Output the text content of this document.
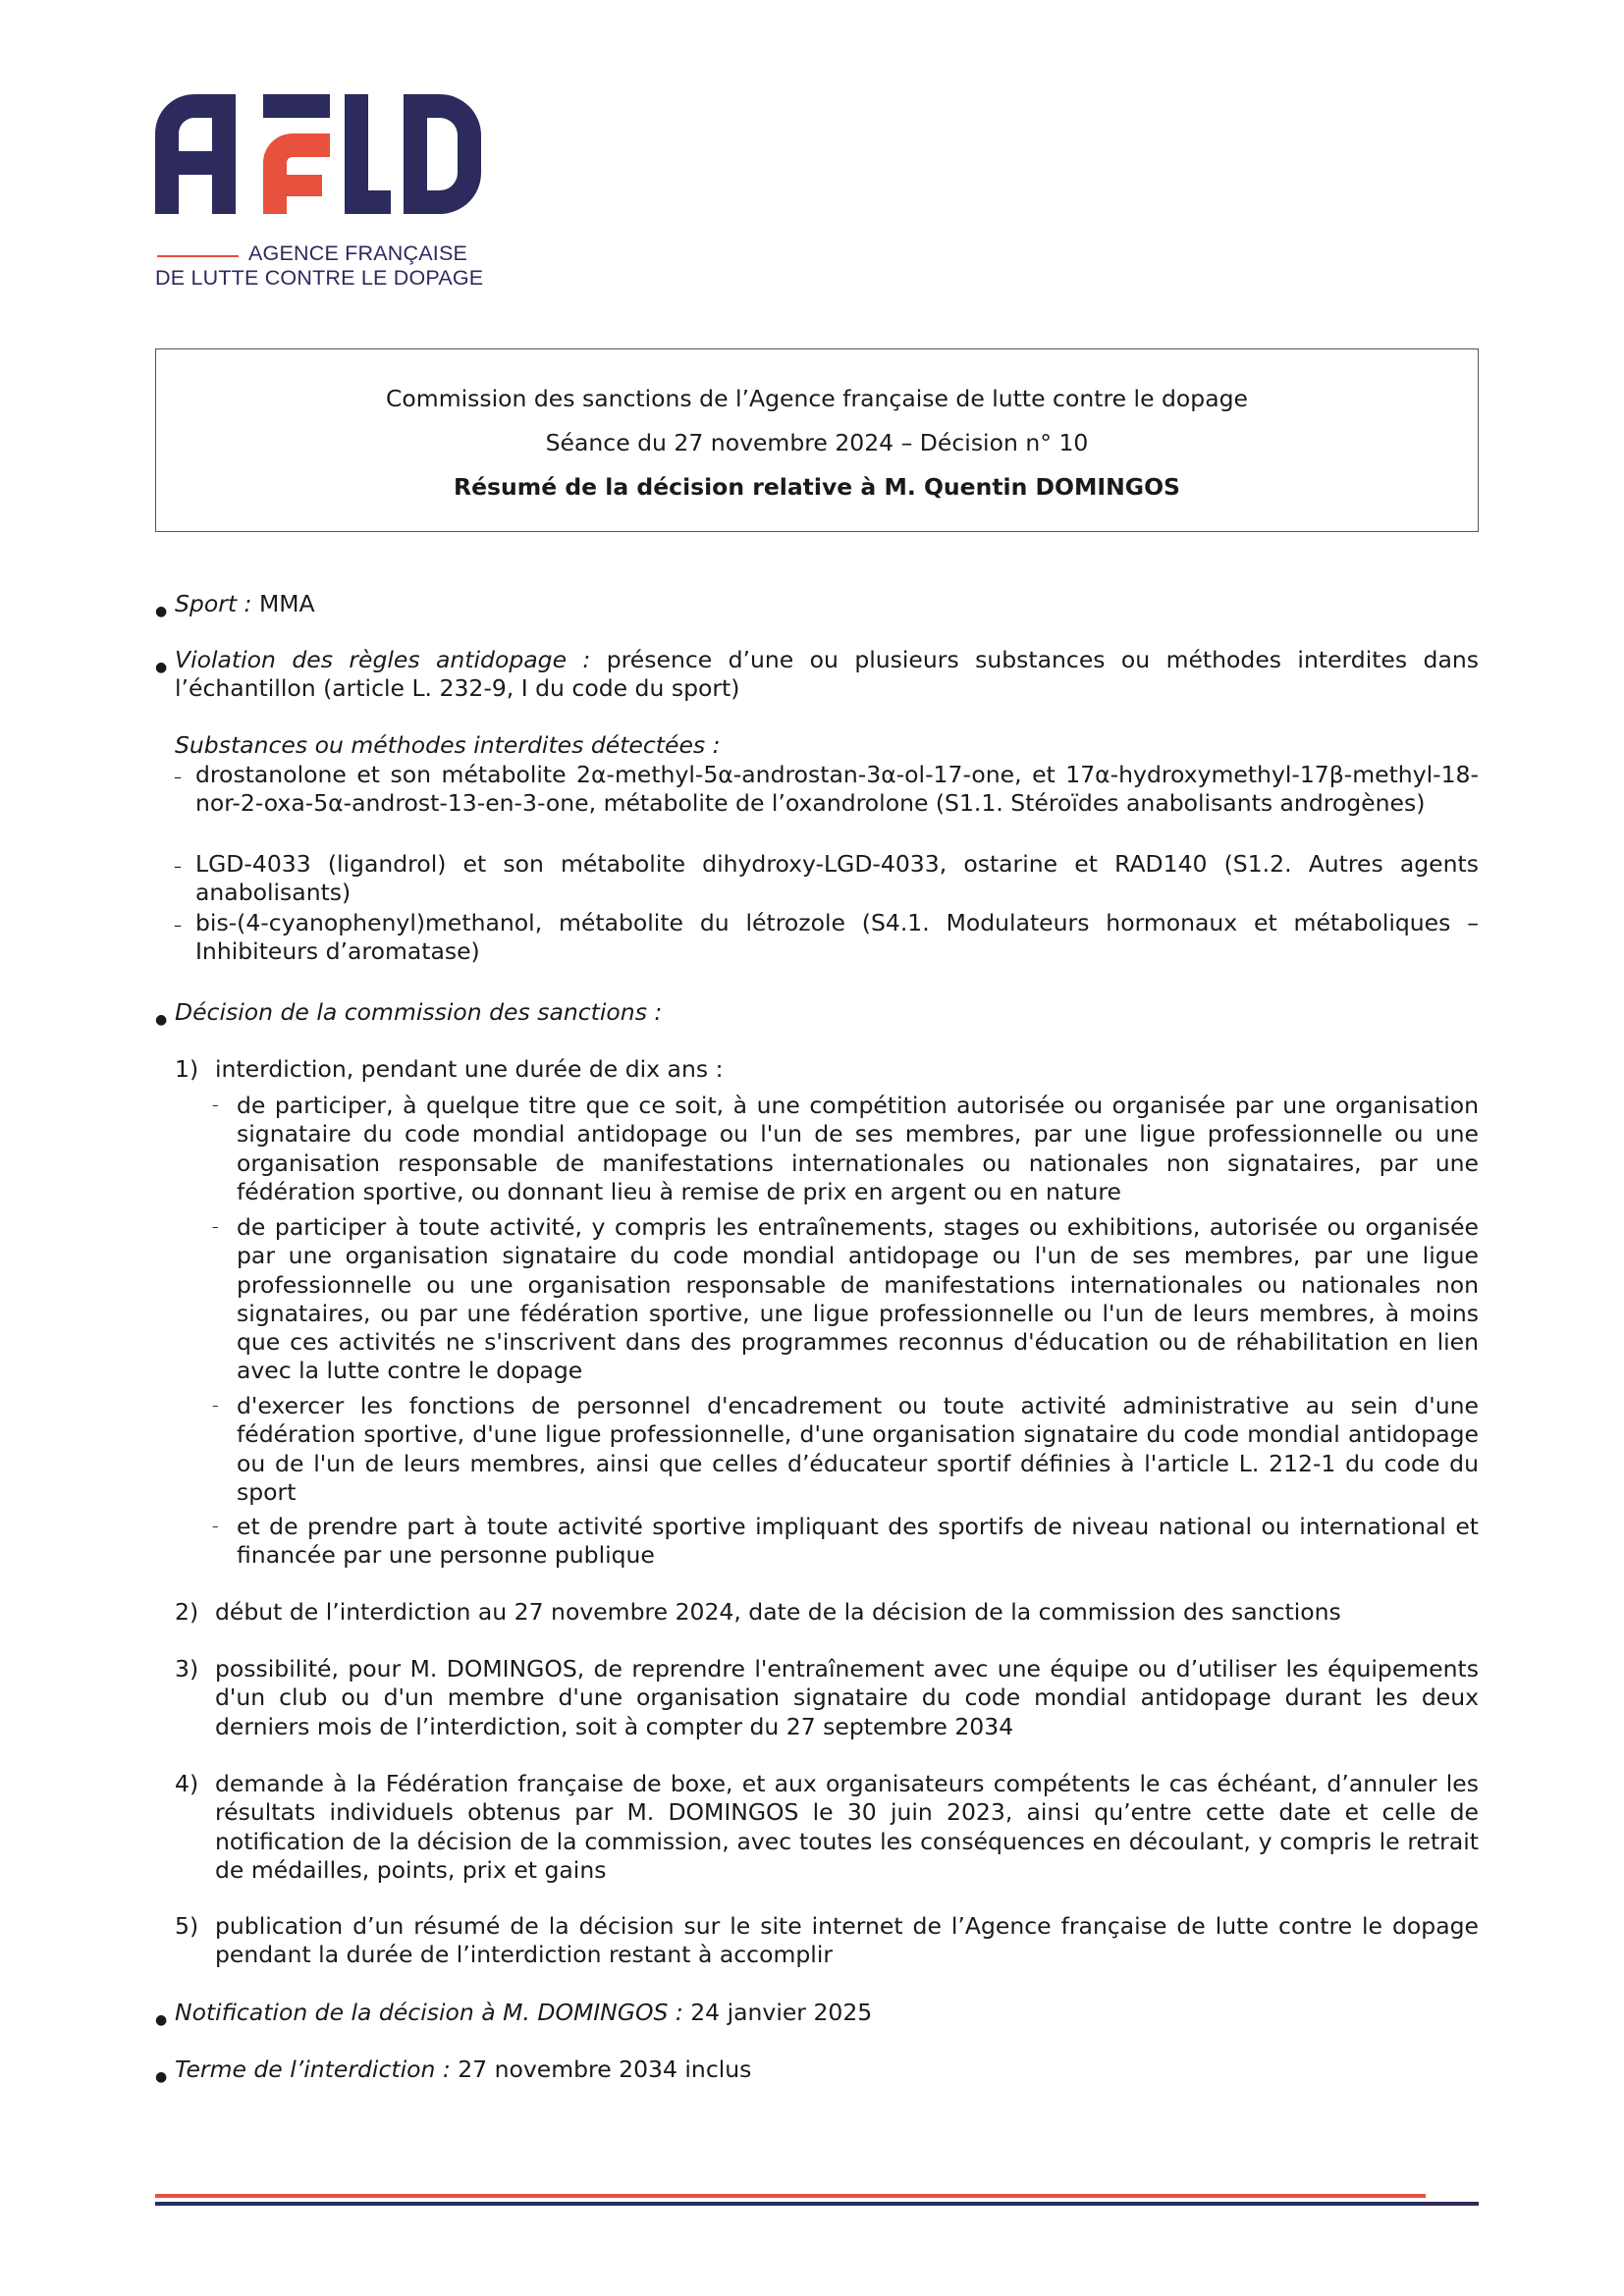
AGENCE FRANÇAISE
DE LUTTE CONTRE LE DOPAGE
Commission des sanctions de l’Agence française de lutte contre le dopage
Séance du 27 novembre 2024 – Décision n° 10
Résumé de la décision relative à M. Quentin DOMINGOS
● Sport : MMA
● Violation des règles antidopage : présence d’une ou plusieurs substances ou méthodes interdites dans l’échantillon (article L. 232-9, I du code du sport)
Substances ou méthodes interdites détectées :
– drostanolone et son métabolite 2α-methyl-5α-androstan-3α-ol-17-one, et 17α-hydroxymethyl-17β-methyl-18-nor-2-oxa-5α-androst-13-en-3-one, métabolite de l’oxandrolone (S1.1. Stéroïdes anabolisants androgènes)
– LGD-4033 (ligandrol) et son métabolite dihydroxy-LGD-4033, ostarine et RAD140 (S1.2. Autres agents anabolisants)
– bis-(4-cyanophenyl)methanol, métabolite du létrozole (S4.1. Modulateurs hormonaux et métaboliques – Inhibiteurs d’aromatase)
● Décision de la commission des sanctions :
1) interdiction, pendant une durée de dix ans :
– de participer, à quelque titre que ce soit, à une compétition autorisée ou organisée par une organisation signataire du code mondial antidopage ou l'un de ses membres, par une ligue professionnelle ou une organisation responsable de manifestations internationales ou nationales non signataires, par une fédération sportive, ou donnant lieu à remise de prix en argent ou en nature
– de participer à toute activité, y compris les entraînements, stages ou exhibitions, autorisée ou organisée par une organisation signataire du code mondial antidopage ou l'un de ses membres, par une ligue professionnelle ou une organisation responsable de manifestations internationales ou nationales non signataires, ou par une fédération sportive, une ligue professionnelle ou l'un de leurs membres, à moins que ces activités ne s'inscrivent dans des programmes reconnus d'éducation ou de réhabilitation en lien avec la lutte contre le dopage
– d'exercer les fonctions de personnel d'encadrement ou toute activité administrative au sein d'une fédération sportive, d'une ligue professionnelle, d'une organisation signataire du code mondial antidopage ou de l'un de leurs membres, ainsi que celles d’éducateur sportif définies à l'article L. 212-1 du code du sport
– et de prendre part à toute activité sportive impliquant des sportifs de niveau national ou international et financée par une personne publique
2) début de l’interdiction au 27 novembre 2024, date de la décision de la commission des sanctions
3) possibilité, pour M. DOMINGOS, de reprendre l'entraînement avec une équipe ou d’utiliser les équipements d'un club ou d'un membre d'une organisation signataire du code mondial antidopage durant les deux derniers mois de l’interdiction, soit à compter du 27 septembre 2034
4) demande à la Fédération française de boxe, et aux organisateurs compétents le cas échéant, d’annuler les résultats individuels obtenus par M. DOMINGOS le 30 juin 2023, ainsi qu’entre cette date et celle de notification de la décision de la commission, avec toutes les conséquences en découlant, y compris le retrait de médailles, points, prix et gains
5) publication d’un résumé de la décision sur le site internet de l’Agence française de lutte contre le dopage pendant la durée de l’interdiction restant à accomplir
● Notification de la décision à M. DOMINGOS : 24 janvier 2025
● Terme de l’interdiction : 27 novembre 2034 inclus
